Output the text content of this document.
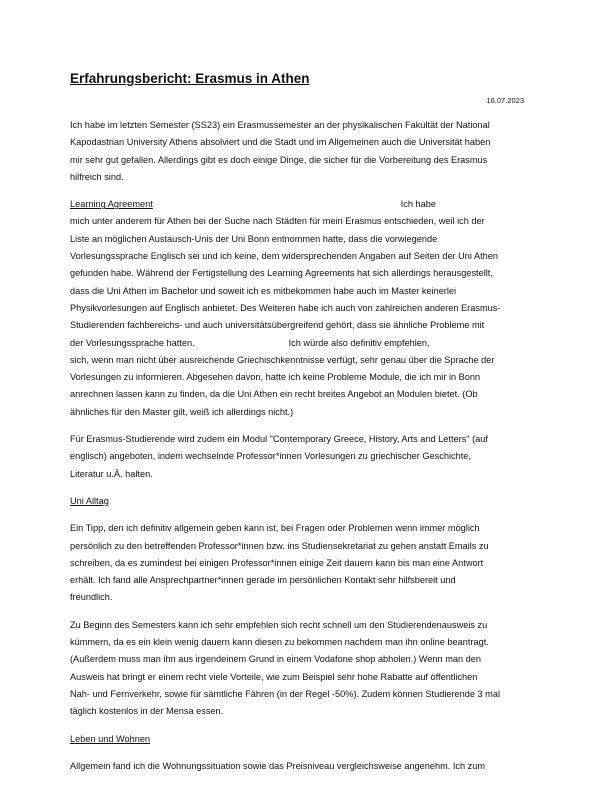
Erfahrungsbericht: Erasmus in Athen
16.07.2023
Ich habe im letzten Semester (SS23) ein Erasmussemester an der physikalischen Fakultät der National
Kapodastrian University Athens absolviert und die Stadt und im Allgemeinen auch die Universität haben
mir sehr gut gefallen. Allerdings gibt es doch einige Dinge, die sicher für die Vorbereitung des Erasmus
hilfreich sind.
Learning Agreement	Ich habe
mich unter anderem für Athen bei der Suche nach Städten für mein Erasmus entschieden, weil ich der
Liste an möglichen Austausch-Unis der Uni Bonn entnommen hatte, dass die vorwiegende
Vorlesungssprache Englisch sei und ich keine, dem widersprechenden Angaben auf Seiten der Uni Athen
gefunden habe. Während der Fertigstellung des Learning Agreements hat sich allerdings herausgestellt,
dass die Uni Athen im Bachelor und soweit ich es mitbekommen habe auch im Master keinerlei
Physikvorlesungen auf Englisch anbietet. Des Weiteren habe ich auch von zahlreichen anderen Erasmus-
Studierenden fachbereichs- und auch universitätsübergreifend gehört, dass sie ähnliche Probleme mit
der Vorlesungssprache hatten.	Ich würde also definitiv empfehlen,
sich, wenn man nicht über ausreichende Griechischkenntnisse verfügt, sehr genau über die Sprache der
Vorlesungen zu informieren. Abgesehen davon, hatte ich keine Probleme Module, die ich mir in Bonn
anrechnen lassen kann zu finden, da die Uni Athen ein recht breites Angebot an Modulen bietet. (Ob
ähnliches für den Master gilt, weiß ich allerdings nicht.)
Für Erasmus-Studierende wird zudem ein Modul "Contemporary Greece, History, Arts and Letters" (auf
englisch) angeboten, indem wechselnde Professor*innen Vorlesungen zu griechischer Geschichte,
Literatur u.Ä. halten.
Uni Alltag
Ein Tipp, den ich definitiv allgemein geben kann ist, bei Fragen oder Problemen wenn immer möglich
persönlich zu den betreffenden Professor*innen bzw. ins Studiensekretariat zu gehen anstatt Emails zu
schreiben, da es zumindest bei einigen Professor*innen einige Zeit dauern kann bis man eine Antwort
erhält. Ich fand alle Ansprechpartner*innen gerade im persönlichen Kontakt sehr hilfsbereit und
freundlich.
Zu Beginn des Semesters kann ich sehr empfehlen sich recht schnell um den Studierendenausweis zu
kümmern, da es ein klein wenig dauern kann diesen zu bekommen nachdem man ihn online beantragt.
(Außerdem muss man ihn aus irgendeinem Grund in einem Vodafone shop abholen.) Wenn man den
Ausweis hat bringt er einem recht viele Vorteile, wie zum Beispiel sehr hohe Rabatte auf öffentlichen
Nah- und Fernverkehr, sowie für sämtliche Fähren (in der Regel -50%). Zudem können Studierende 3 mal
täglich kostenlos in der Mensa essen.
Leben und Wohnen
Allgemein fand ich die Wohnungssituation sowie das Preisniveau vergleichsweise angenehm. Ich zum
